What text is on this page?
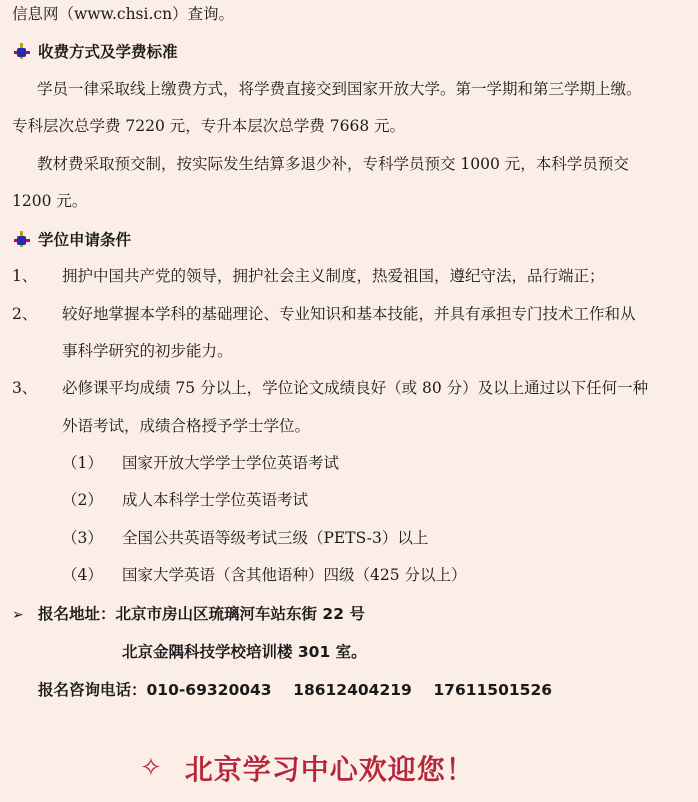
信息网（www.chsi.cn）查询。
收费方式及学费标准
学员一律采取线上缴费方式，将学费直接交到国家开放大学。第一学期和第三学期上缴。
专科层次总学费 7220 元，专升本层次总学费 7668 元。
教材费采取预交制，按实际发生结算多退少补，专科学员预交 1000 元，本科学员预交
1200 元。
学位申请条件
1、 拥护中国共产党的领导，拥护社会主义制度，热爱祖国，遵纪守法，品行端正；
2、 较好地掌握本学科的基础理论、专业知识和基本技能，并具有承担专门技术工作和从
事科学研究的初步能力。
3、 必修课平均成绩 75 分以上，学位论文成绩良好（或 80 分）及以上通过以下任何一种
外语考试，成绩合格授予学士学位。
（1） 国家开放大学学士学位英语考试
（2） 成人本科学士学位英语考试
（3） 全国公共英语等级考试三级（PETS-3）以上
（4） 国家大学英语（含其他语种）四级（425 分以上）
➢ 报名地址：北京市房山区琉璃河车站东街 22 号
北京金隅科技学校培训楼 301 室。
报名咨询电话：010-69320043    18612404219    17611501526
✧ 北京学习中心欢迎您！
